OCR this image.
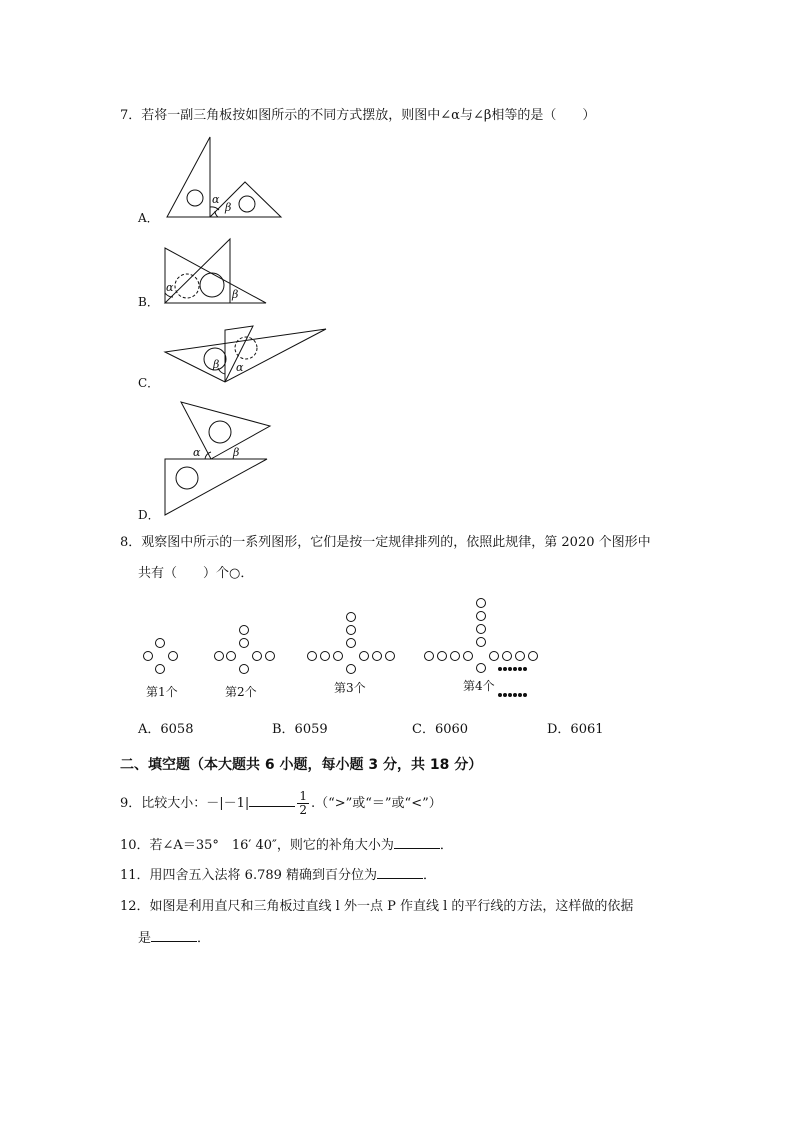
7．若将一副三角板按如图所示的不同方式摆放，则图中∠α与∠β相等的是（　　）
α
β
α
β
β α
α	β
A．
B．
C．
D．
8．观察图中所示的一系列图形，它们是按一定规律排列的，依照此规律，第 2020 个图形中
共有（　　）个○．
第1个	第2个	第3个	第4个
A．6058	B．6059	C．6060	D．6061
二、填空题（本大题共 6 小题，每小题 3 分，共 18 分）
9．比较大小：－|－1|	$\frac{1}{2}$ .（“>”或“＝”或“<”）
10．若∠A＝35°　16′ 40″，则它的补角大小为	．
11．用四舍五入法将 6.789 精确到百分位为	．
12．如图是利用直尺和三角板过直线 l 外一点 P 作直线 l 的平行线的方法，这样做的依据
是	．
